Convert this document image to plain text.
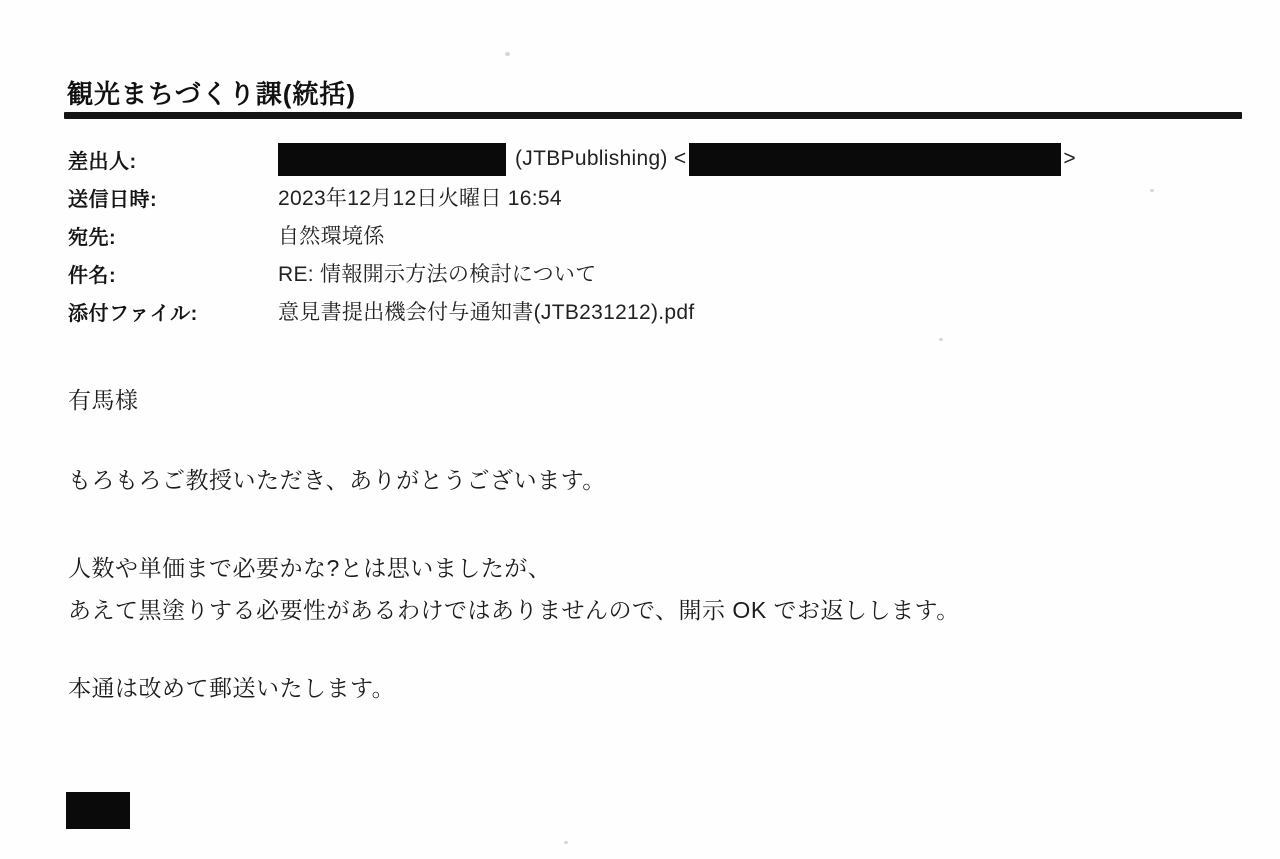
観光まちづくり課(統括)
差出人:	(JTBPublishing) <	>
送信日時:	2023年12月12日火曜日 16:54
宛先:	自然環境係
件名:	RE: 情報開示方法の検討について
添付ファイル:	意見書提出機会付与通知書(JTB231212).pdf

有馬様

もろもろご教授いただき、ありがとうございます。

人数や単価まで必要かな?とは思いましたが、
あえて黒塗りする必要性があるわけではありませんので、開示 OK でお返しします。

本通は改めて郵送いたします。
